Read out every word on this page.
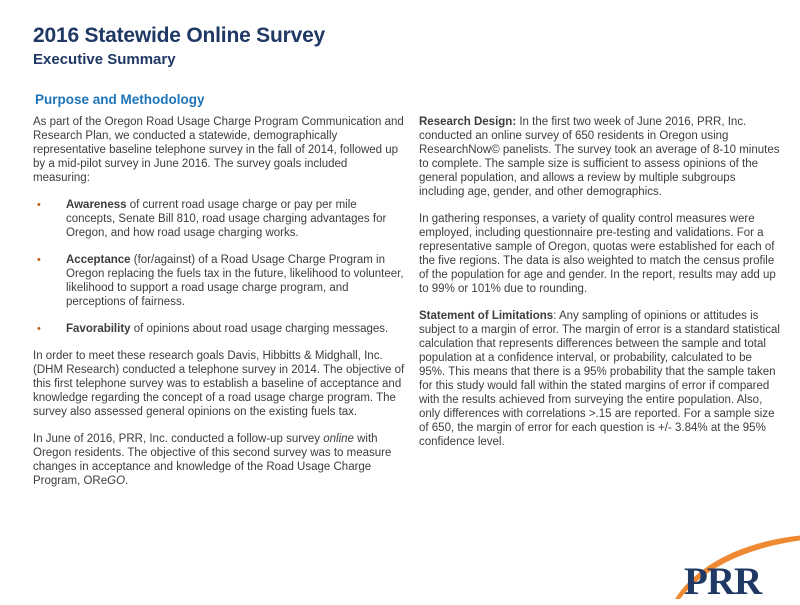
2016 Statewide Online Survey
Executive Summary
Purpose and Methodology

As part of the Oregon Road Usage Charge Program Communication and Research Plan, we conducted a statewide, demographically representative baseline telephone survey in the fall of 2014, followed up by a mid-pilot survey in June 2016. The survey goals included measuring:

• Awareness of current road usage charge or pay per mile concepts, Senate Bill 810, road usage charging advantages for Oregon, and how road usage charging works.
• Acceptance (for/against) of a Road Usage Charge Program in Oregon replacing the fuels tax in the future, likelihood to volunteer, likelihood to support a road usage charge program, and perceptions of fairness.
• Favorability of opinions about road usage charging messages.

In order to meet these research goals Davis, Hibbitts & Midghall, Inc. (DHM Research) conducted a telephone survey in 2014. The objective of this first telephone survey was to establish a baseline of acceptance and knowledge regarding the concept of a road usage charge program. The survey also assessed general opinions on the existing fuels tax.

In June of 2016, PRR, Inc. conducted a follow-up survey online with Oregon residents. The objective of this second survey was to measure changes in acceptance and knowledge of the Road Usage Charge Program, OReGO.

Research Design: In the first two week of June 2016, PRR, Inc. conducted an online survey of 650 residents in Oregon using ResearchNow© panelists. The survey took an average of 8-10 minutes to complete. The sample size is sufficient to assess opinions of the general population, and allows a review by multiple subgroups including age, gender, and other demographics.

In gathering responses, a variety of quality control measures were employed, including questionnaire pre-testing and validations. For a representative sample of Oregon, quotas were established for each of the five regions. The data is also weighted to match the census profile of the population for age and gender. In the report, results may add up to 99% or 101% due to rounding.

Statement of Limitations: Any sampling of opinions or attitudes is subject to a margin of error. The margin of error is a standard statistical calculation that represents differences between the sample and total population at a confidence interval, or probability, calculated to be 95%. This means that there is a 95% probability that the sample taken for this study would fall within the stated margins of error if compared with the results achieved from surveying the entire population. Also, only differences with correlations >.15 are reported. For a sample size of 650, the margin of error for each question is +/- 3.84% at the 95% confidence level.

PRR
